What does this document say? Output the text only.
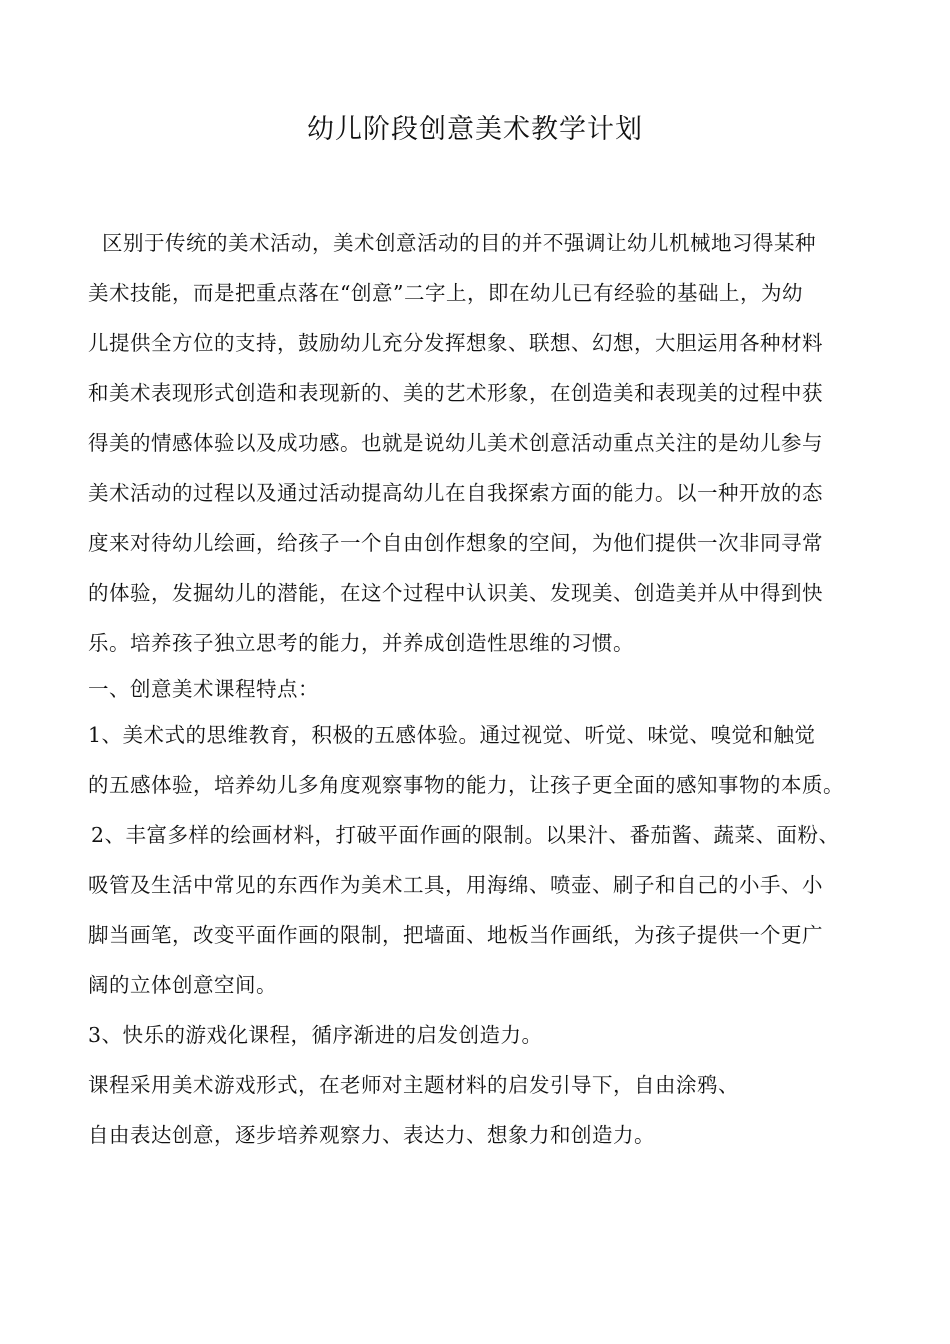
幼儿阶段创意美术教学计划
区别于传统的美术活动，美术创意活动的目的并不强调让幼儿机械地习得某种
美术技能，而是把重点落在“创意”二字上，即在幼儿已有经验的基础上，为幼
儿提供全方位的支持，鼓励幼儿充分发挥想象、联想、幻想，大胆运用各种材料
和美术表现形式创造和表现新的、美的艺术形象，在创造美和表现美的过程中获
得美的情感体验以及成功感。也就是说幼儿美术创意活动重点关注的是幼儿参与
美术活动的过程以及通过活动提高幼儿在自我探索方面的能力。以一种开放的态
度来对待幼儿绘画，给孩子一个自由创作想象的空间，为他们提供一次非同寻常
的体验，发掘幼儿的潜能，在这个过程中认识美、发现美、创造美并从中得到快
乐。培养孩子独立思考的能力，并养成创造性思维的习惯。
一、创意美术课程特点：
1、美术式的思维教育，积极的五感体验。通过视觉、听觉、味觉、嗅觉和触觉
的五感体验，培养幼儿多角度观察事物的能力，让孩子更全面的感知事物的本质。
2、丰富多样的绘画材料，打破平面作画的限制。以果汁、番茄酱、蔬菜、面粉、
吸管及生活中常见的东西作为美术工具，用海绵、喷壶、刷子和自己的小手、小
脚当画笔，改变平面作画的限制，把墙面、地板当作画纸，为孩子提供一个更广
阔的立体创意空间。
3、快乐的游戏化课程，循序渐进的启发创造力。
课程采用美术游戏形式，在老师对主题材料的启发引导下，自由涂鸦、
自由表达创意，逐步培养观察力、表达力、想象力和创造力。
